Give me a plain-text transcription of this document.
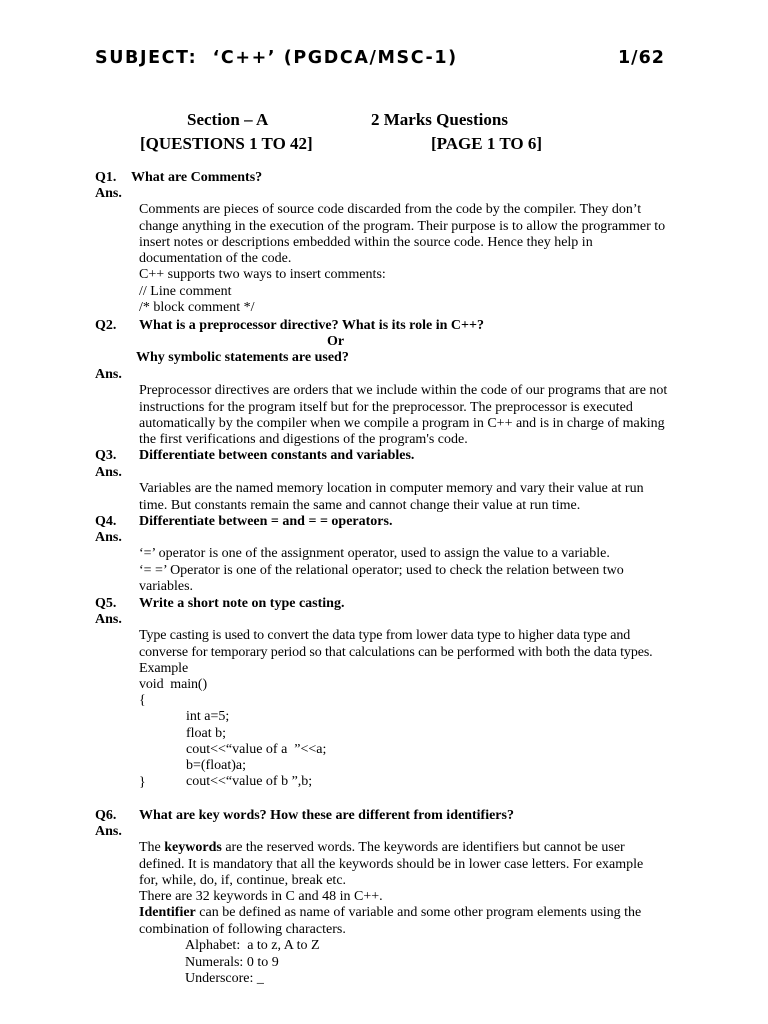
SUBJECT:  ‘C++’ (PGDCA/MSC-1)	1/62
Section – A	2 Marks Questions
[QUESTIONS 1 TO 42]	[PAGE 1 TO 6]
Q1. What are Comments?
Ans.

Comments are pieces of source code discarded from the code by the compiler. They don’t
change anything in the execution of the program. Their purpose is to allow the programmer to
insert notes or descriptions embedded within the source code. Hence they help in
documentation of the code.
C++ supports two ways to insert comments:
// Line comment
/* block comment */

Q2. What is a preprocessor directive? What is its role in C++?
Or
Why symbolic statements are used?
Ans.

Preprocessor directives are orders that we include within the code of our programs that are not
instructions for the program itself but for the preprocessor. The preprocessor is executed
automatically by the compiler when we compile a program in C++ and is in charge of making
the first verifications and digestions of the program's code.

Q3. Differentiate between constants and variables.
Ans.

Variables are the named memory location in computer memory and vary their value at run
time. But constants remain the same and cannot change their value at run time.

Q4. Differentiate between = and = = operators.
Ans.

‘=’ operator is one of the assignment operator, used to assign the value to a variable.
‘= =’ Operator is one of the relational operator; used to check the relation between two
variables.

Q5. Write a short note on type casting.
Ans.

Type casting is used to convert the data type from lower data type to higher data type and
converse for temporary period so that calculations can be performed with both the data types.
Example
void  main()
{

int a=5;
float b;
cout<<“value of a  ”<<a;
b=(float)a;
cout<<“value of b ”,b;

}
Q6. What are key words? How these are different from identifiers?
Ans.

The keywords are the reserved words. The keywords are identifiers but cannot be user
defined. It is mandatory that all the keywords should be in lower case letters. For example
for, while, do, if, continue, break etc.
There are 32 keywords in C and 48 in C++.
Identifier can be defined as name of variable and some other program elements using the
combination of following characters.

Alphabet:  a to z, A to Z
Numerals: 0 to 9
Underscore: _
